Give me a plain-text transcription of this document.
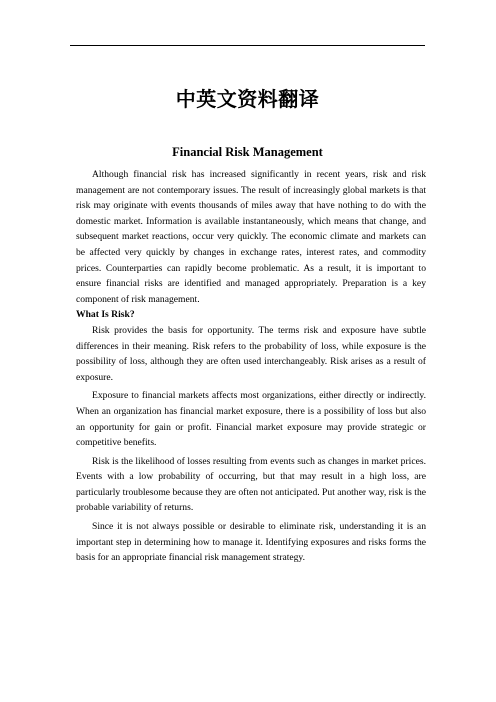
中英文资料翻译
Financial Risk Management

Although financial risk has increased significantly in recent years, risk and risk management are not contemporary issues. The result of increasingly global markets is that risk may originate with events thousands of miles away that have nothing to do with the domestic market. Information is available instantaneously, which means that change, and subsequent market reactions, occur very quickly. The economic climate and markets can be affected very quickly by changes in exchange rates, interest rates, and commodity prices. Counterparties can rapidly become problematic. As a result, it is important to ensure financial risks are identified and managed appropriately. Preparation is a key component of risk management.

What Is Risk?

Risk provides the basis for opportunity. The terms risk and exposure have subtle differences in their meaning. Risk refers to the probability of loss, while exposure is the possibility of loss, although they are often used interchangeably. Risk arises as a result of exposure.

Exposure to financial markets affects most organizations, either directly or indirectly. When an organization has financial market exposure, there is a possibility of loss but also an opportunity for gain or profit. Financial market exposure may provide strategic or competitive benefits.

Risk is the likelihood of losses resulting from events such as changes in market prices. Events with a low probability of occurring, but that may result in a high loss, are particularly troublesome because they are often not anticipated. Put another way, risk is the probable variability of returns.

Since it is not always possible or desirable to eliminate risk, understanding it is an important step in determining how to manage it. Identifying exposures and risks forms the basis for an appropriate financial risk management strategy.
